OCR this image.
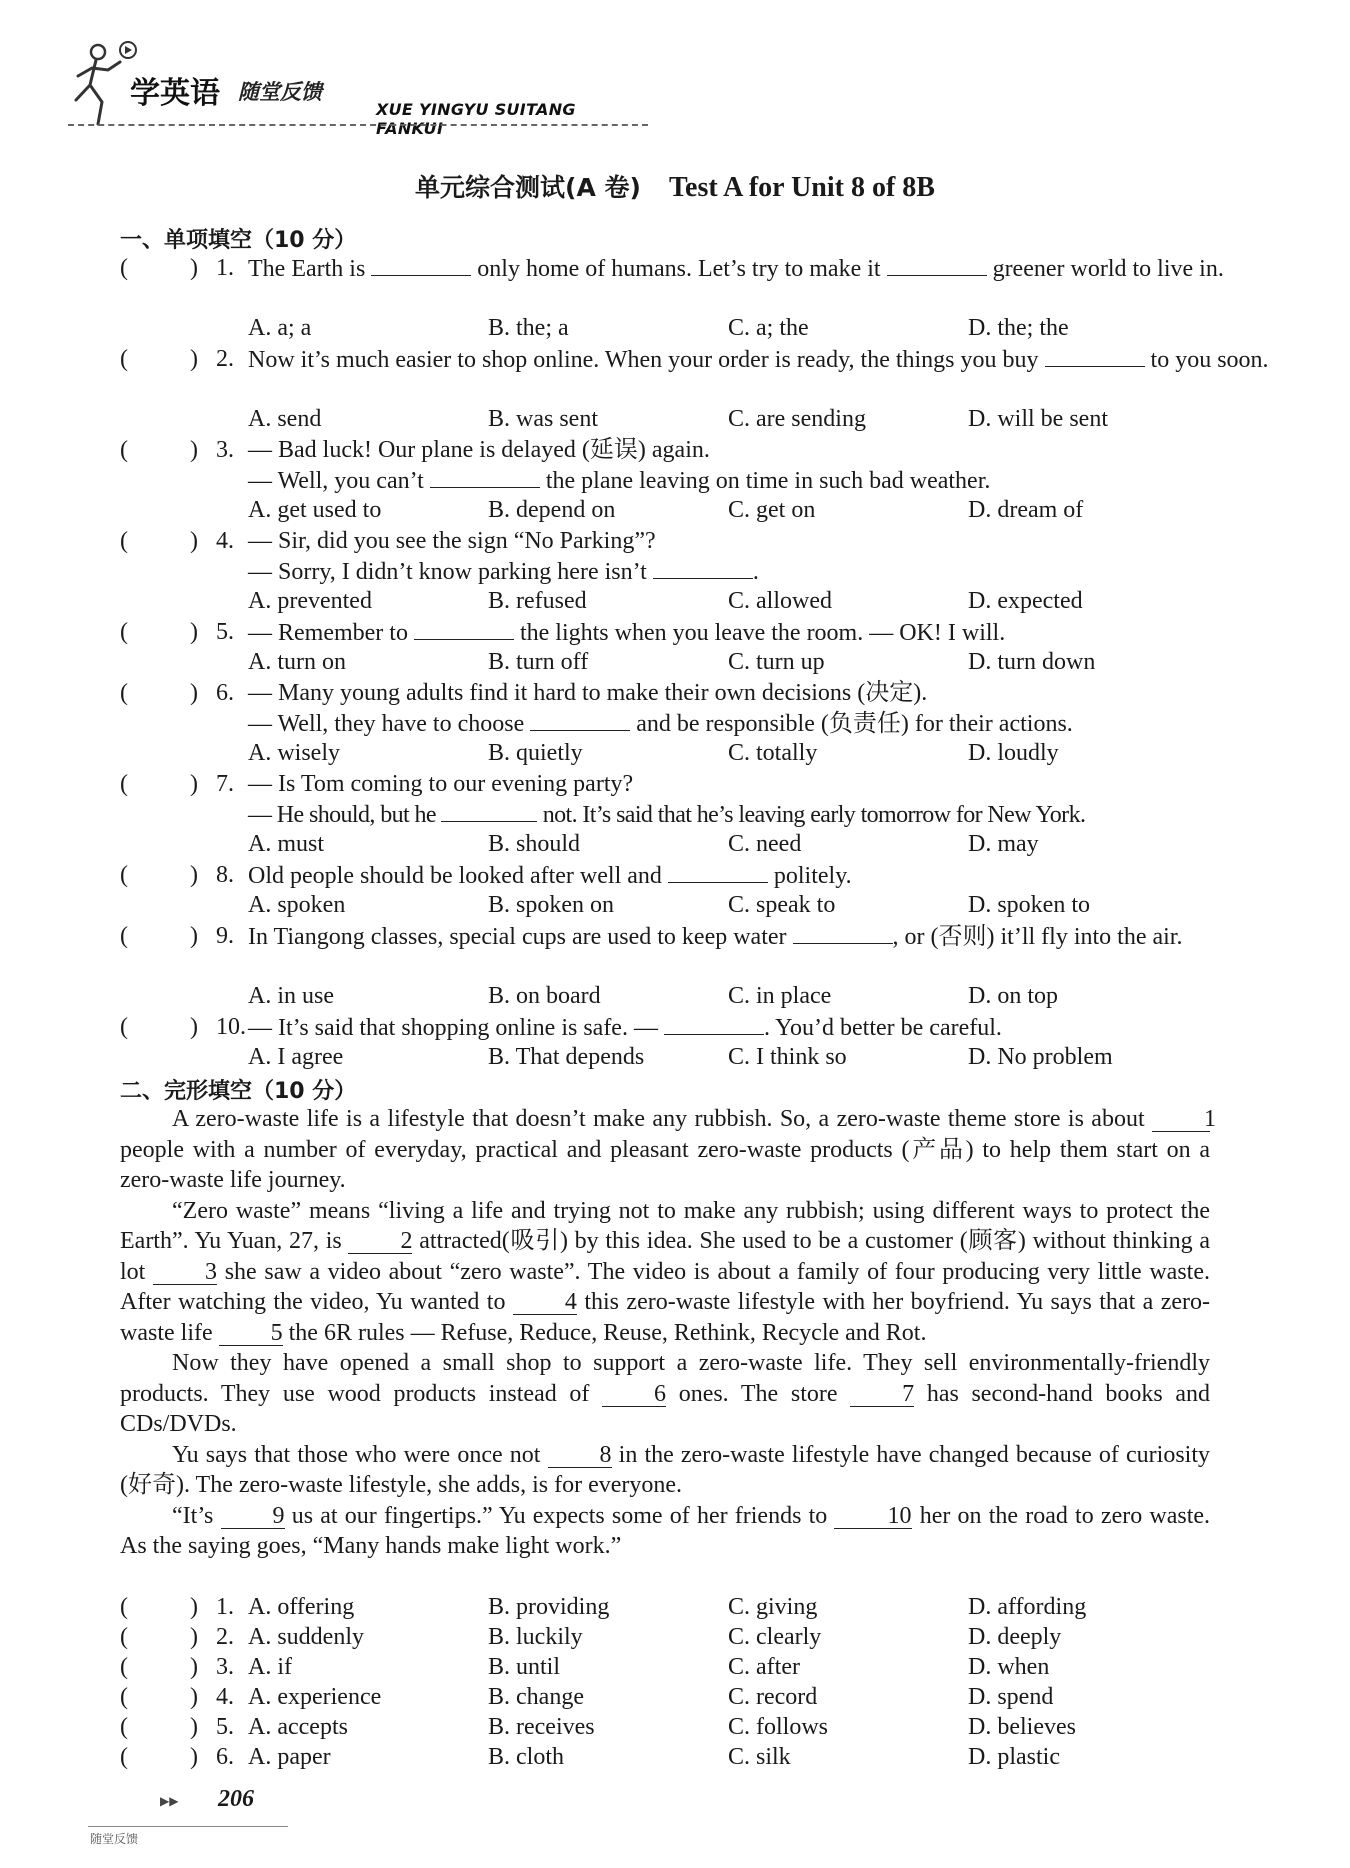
学英语 随堂反馈
XUE YINGYU SUITANG FANKUI
单元综合测试(A 卷) Test A for Unit 8 of 8B
一、单项填空（10 分）
1. The Earth is	only home of humans. Let’s try to make it	greener world to live in.
A. a; a	B. the; a	C. a; the	D. the; the
2. Now it’s much easier to shop online. When your order is ready, the things you buy	to you soon.
A. send	B. was sent	C. are sending	D. will be sent
3. — Bad luck! Our plane is delayed (延误) again.
— Well, you can’t	the plane leaving on time in such bad weather.
A. get used to	B. depend on	C. get on	D. dream of
4. — Sir, did you see the sign “No Parking”?
— Sorry, I didn’t know parking here isn’t	.
A. prevented	B. refused	C. allowed	D. expected
5. — Remember to	the lights when you leave the room. — OK! I will.
A. turn on	B. turn off	C. turn up	D. turn down
6. — Many young adults find it hard to make their own decisions (决定).
— Well, they have to choose	and be responsible (负责任) for their actions.
A. wisely	B. quietly	C. totally	D. loudly
7. — Is Tom coming to our evening party?
— He should, but he	not. It’s said that he’s leaving early tomorrow for New York.
A. must	B. should	C. need	D. may
8. Old people should be looked after well and	politely.
A. spoken	B. spoken on	C. speak to	D. spoken to
9. In Tiangong classes, special cups are used to keep water	, or (否则) it’ll fly into the air.
A. in use	B. on board	C. in place	D. on top
10. — It’s said that shopping online is safe. —	. You’d better be careful.
A. I agree	B. That depends	C. I think so	D. No problem
二、完形填空（10 分）

A zero-waste life is a lifestyle that doesn’t make any rubbish. So, a zero-waste theme store is about 1 people with a number of everyday, practical and pleasant zero-waste products (产品) to help them start on a zero-waste life journey.

“Zero waste” means “living a life and trying not to make any rubbish; using different ways to protect the Earth”. Yu Yuan, 27, is 2 attracted(吸引) by this idea. She used to be a customer (顾客) without thinking a lot 3 she saw a video about “zero waste”. The video is about a family of four producing very little waste. After watching the video, Yu wanted to 4 this zero-waste lifestyle with her boyfriend. Yu says that a zero-waste life 5 the 6R rules — Refuse, Reduce, Reuse, Rethink, Recycle and Rot.

Now they have opened a small shop to support a zero-waste life. They sell environmentally-friendly products. They use wood products instead of	6 ones. The store	7 has second-hand books and CDs/DVDs.

Yu says that those who were once not 8 in the zero-waste lifestyle have changed because of curiosity (好奇). The zero-waste lifestyle, she adds, is for everyone.

“It’s 9 us at our fingertips.” Yu expects some of her friends to	10 her on the road to zero waste. As the saying goes, “Many hands make light work.”

1. A. offering	B. providing	C. giving	D. affording
2. A. suddenly	B. luckily	C. clearly	D. deeply
3. A. if	B. until	C. after	D. when
4. A. experience	B. change	C. record	D. spend
5. A. accepts	B. receives	C. follows	D. believes
6. A. paper	B. cloth	C. silk	D. plastic
▶▶ 206
随堂反馈
